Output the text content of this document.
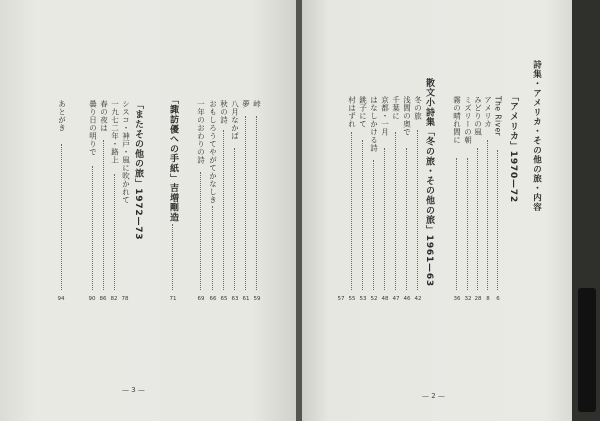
詩集・アメリカ・その他の旅・内容
「アメリカ」1970—72
The River
6
アメリカ
8
みどりの風
28
ミズリーの朝
32
霧の晴れ間に
36
散文小詩集「冬の旅・その他の旅」1961—63
冬の旅
42
浅間の奥で
46
千葉に
47
京都・一月
48
はなしかける詩
52
銚子にて
53
村はずれ
55
57
— 2 —
峠
59
夢
61
八月なかば
63
秋の詩
65
おもしろうてやがてかなしき
66
一年のおわりの詩
69
「諏訪優への手紙」吉増剛造
71
「またその他の旅」1972—73
シスコ・神戸・風に吹かれて
78
一九七二年・路上
82
春の夜は
86
曇り日の明りで
90
あとがき
94
— 3 —
